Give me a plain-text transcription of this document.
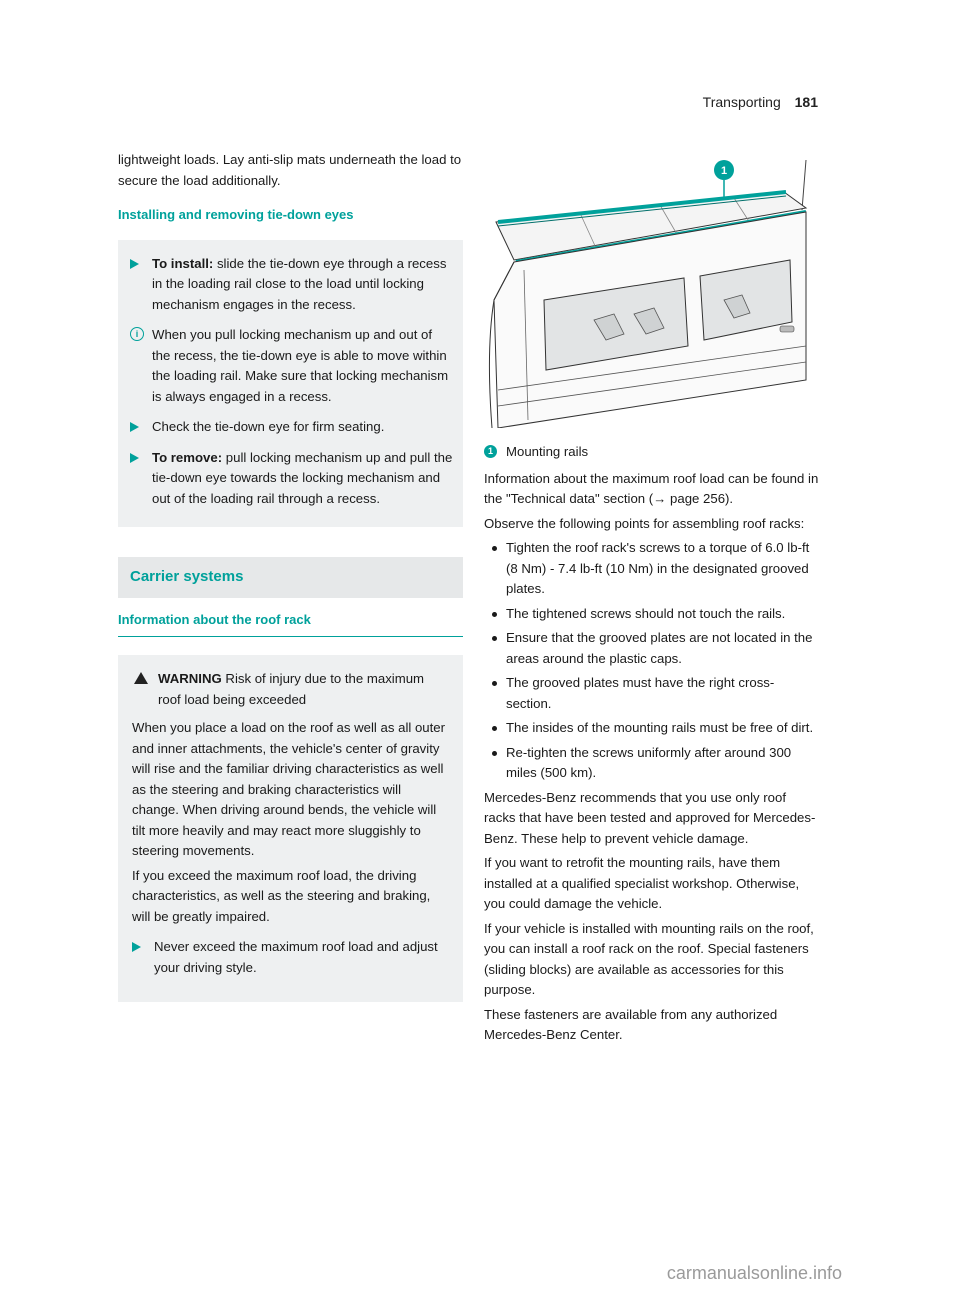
Transporting 181

lightweight loads. Lay anti-slip mats underneath the load to secure the load additionally.

Installing and removing tie-down eyes
To install: slide the tie-down eye through a recess in the loading rail close to the load until locking mechanism engages in the recess.
i	When you pull locking mechanism up and out of the recess, the tie-down eye is able to move within the loading rail. Make sure that locking mechanism is always engaged in a recess.
Check the tie-down eye for firm seating.
To remove: pull locking mechanism up and pull the tie-down eye towards the locking mechanism and out of the loading rail through a recess.
Carrier systems
Information about the roof rack
WARNING Risk of injury due to the maximum roof load being exceeded

When you place a load on the roof as well as all outer and inner attachments, the vehicle's center of gravity will rise and the familiar driving characteristics as well as the steering and braking characteristics will change. When driving around bends, the vehicle will tilt more heavily and may react more sluggishly to steering movements.

If you exceed the maximum roof load, the driving characteristics, as well as the steering and braking, will be greatly impaired.

Never exceed the maximum roof load and adjust your driving style.
1
1 Mounting rails

Information about the maximum roof load can be found in the "Technical data" section (→ page 256).

Observe the following points for assembling roof racks:

Tighten the roof rack's screws to a torque of 6.0 lb-ft (8 Nm) - 7.4 lb-ft (10 Nm) in the designated grooved plates.
The tightened screws should not touch the rails.
Ensure that the grooved plates are not located in the areas around the plastic caps.
The grooved plates must have the right cross-section.
The insides of the mounting rails must be free of dirt.
Re-tighten the screws uniformly after around 300 miles (500 km).

Mercedes-Benz recommends that you use only roof racks that have been tested and approved for Mercedes-Benz. These help to prevent vehicle damage.

If you want to retrofit the mounting rails, have them installed at a qualified specialist workshop. Otherwise, you could damage the vehicle.

If your vehicle is installed with mounting rails on the roof, you can install a roof rack on the roof. Special fasteners (sliding blocks) are available as accessories for this purpose.

These fasteners are available from any authorized Mercedes-Benz Center.

carmanualsonline.info
